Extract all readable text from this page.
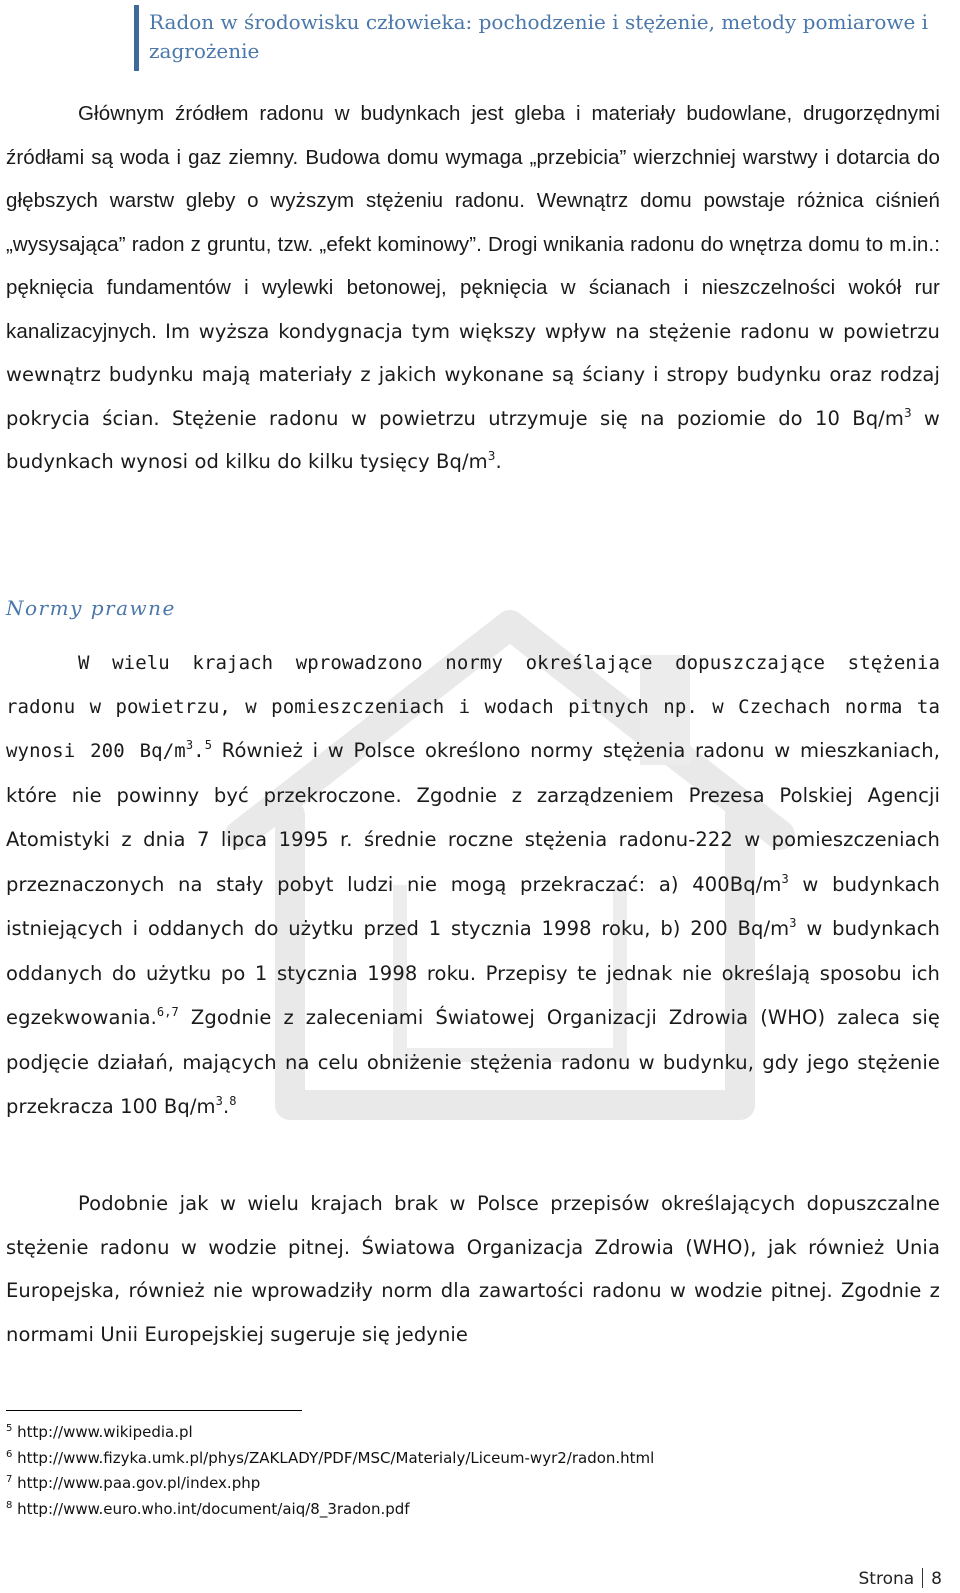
Radon w środowisku człowieka: pochodzenie i stężenie, metody pomiarowe i zagrożenie
Głównym źródłem radonu w budynkach jest gleba i materiały budowlane, drugorzędnymi źródłami są woda i gaz ziemny. Budowa domu wymaga „przebicia” wierzchniej warstwy i dotarcia do głębszych warstw gleby o wyższym stężeniu radonu. Wewnątrz domu powstaje różnica ciśnień „wysysająca” radon z gruntu, tzw. „efekt kominowy”. Drogi wnikania radonu do wnętrza domu to m.in.: pęknięcia fundamentów i wylewki betonowej, pęknięcia w ścianach i nieszczelności wokół rur kanalizacyjnych. Im wyższa kondygnacja tym większy wpływ na stężenie radonu w powietrzu wewnątrz budynku mają materiały z jakich wykonane są ściany i stropy budynku oraz rodzaj pokrycia ścian. Stężenie radonu w powietrzu utrzymuje się na poziomie do 10 $Bq/m^3$ w budynkach wynosi od kilku do kilku tysięcy $Bq/m^3$.
Normy prawne
W wielu krajach wprowadzono normy określające dopuszczające stężenia radonu w powietrzu, w pomieszczeniach i wodach pitnych np. w Czechach norma ta wynosi 200 $Bq/m^3.^5$ Również i w Polsce określono normy stężenia radonu w mieszkaniach, które nie powinny być przekroczone. Zgodnie z zarządzeniem Prezesa Polskiej Agencji Atomistyki z dnia 7 lipca 1995 r. średnie roczne stężenia radonu-222 w pomieszczeniach przeznaczonych na stały pobyt ludzi nie mogą przekraczać: a) $400Bq/m^3$ w budynkach istniejących i oddanych do użytku przed 1 stycznia 1998 roku, b) 200 $Bq/m^3$ w budynkach oddanych do użytku po 1 stycznia 1998 roku. Przepisy te jednak nie określają sposobu ich egzekwowania.$^{6,7}$ Zgodnie z zaleceniami Światowej Organizacji Zdrowia (WHO) zaleca się podjęcie działań, mających na celu obniżenie stężenia radonu w budynku, gdy jego stężenie przekracza 100 $Bq/m^3.^8$
Podobnie jak w wielu krajach brak w Polsce przepisów określających dopuszczalne stężenie radonu w wodzie pitnej. Światowa Organizacja Zdrowia (WHO), jak również Unia Europejska, również nie wprowadziły norm dla zawartości radonu w wodzie pitnej. Zgodnie z normami Unii Europejskiej sugeruje się jedynie
$^5$ http://www.wikipedia.pl
$^6$ http://www.fizyka.umk.pl/phys/ZAKLADY/PDF/MSC/Materialy/Liceum-wyr2/radon.html
$^7$ http://www.paa.gov.pl/index.php
$^8$ http://www.euro.who.int/document/aiq/8_3radon.pdf
Strona 8
